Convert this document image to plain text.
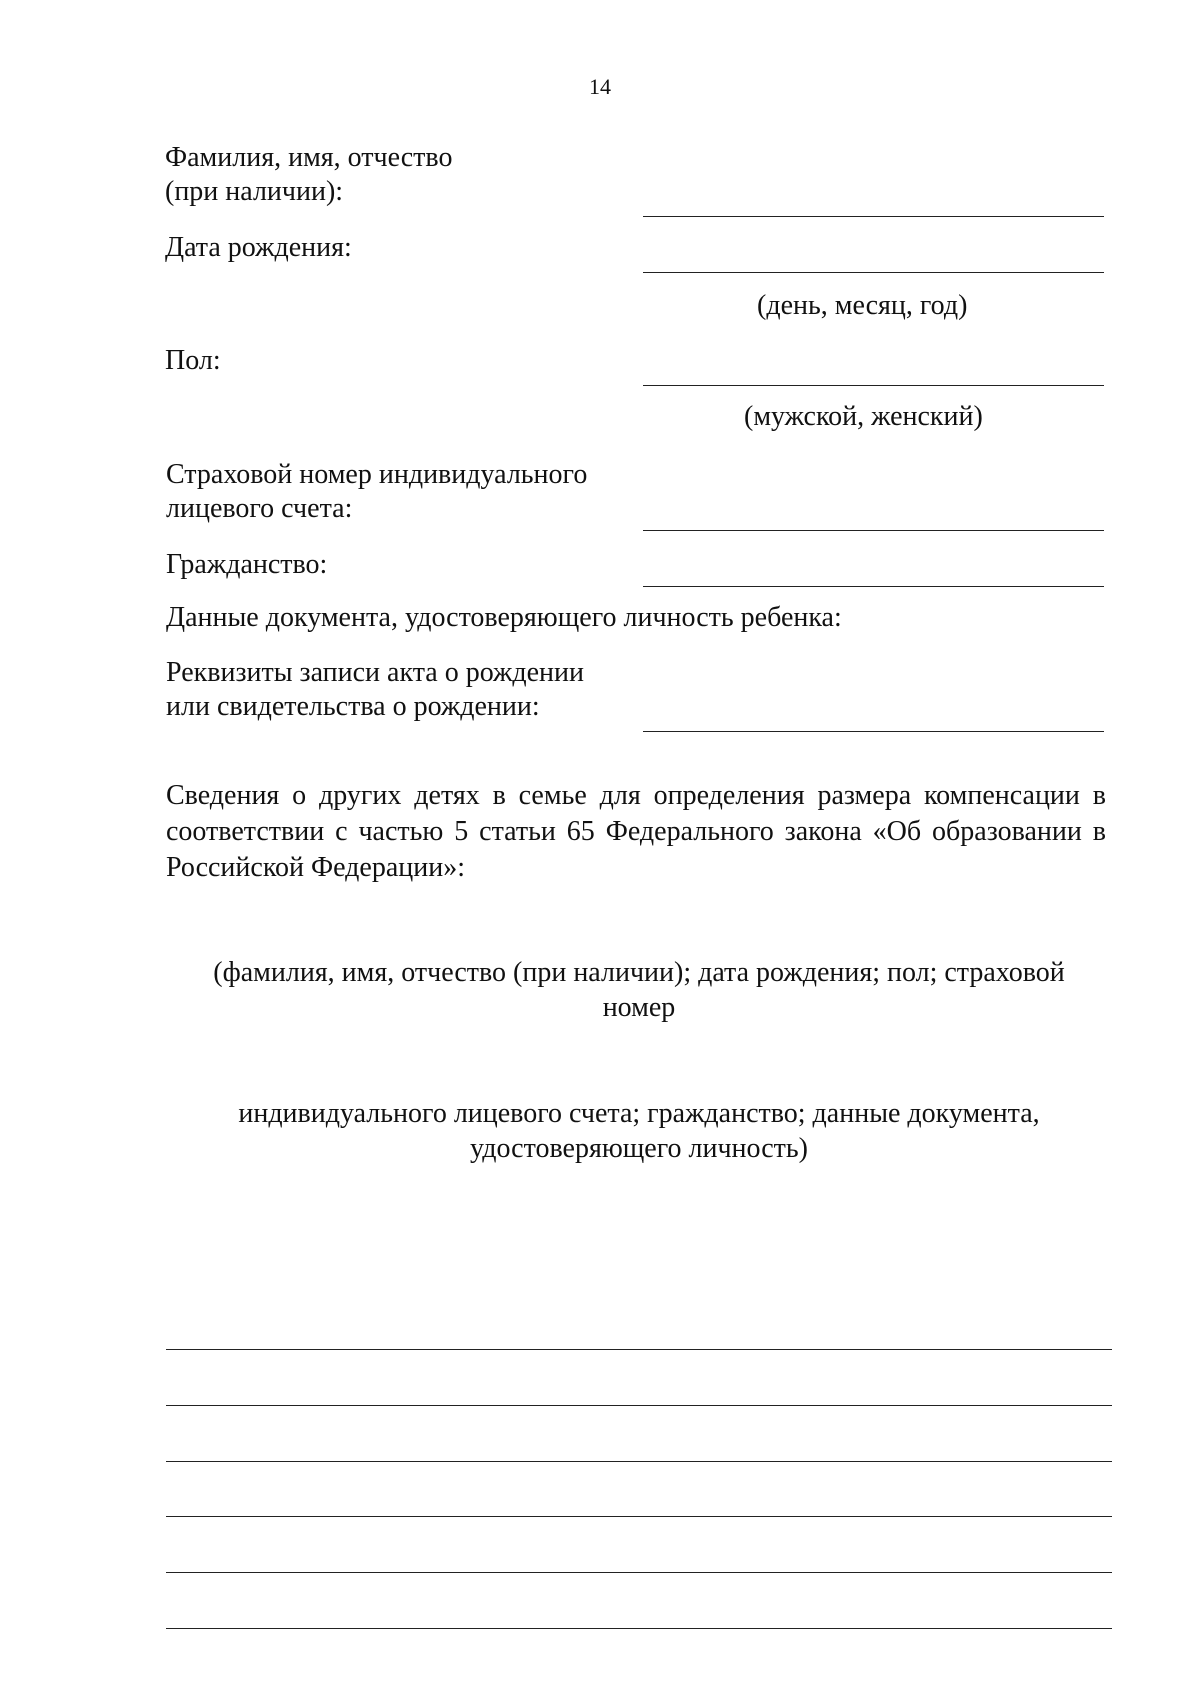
14
Фамилия, имя, отчество
(при наличии):
Дата рождения:
(день, месяц, год)
Пол:
(мужской, женский)
Страховой номер индивидуального
лицевого счета:
Гражданство:
Данные документа, удостоверяющего личность ребенка:
Реквизиты записи акта о рождении
или свидетельства о рождении:
Сведения о других детях в семье для определения размера компенсации в соответствии с частью 5 статьи 65 Федерального закона «Об образовании в Российской Федерации»:
(фамилия, имя, отчество (при наличии); дата рождения; пол; страховой
номер
индивидуального лицевого счета; гражданство; данные документа,
удостоверяющего личность)
